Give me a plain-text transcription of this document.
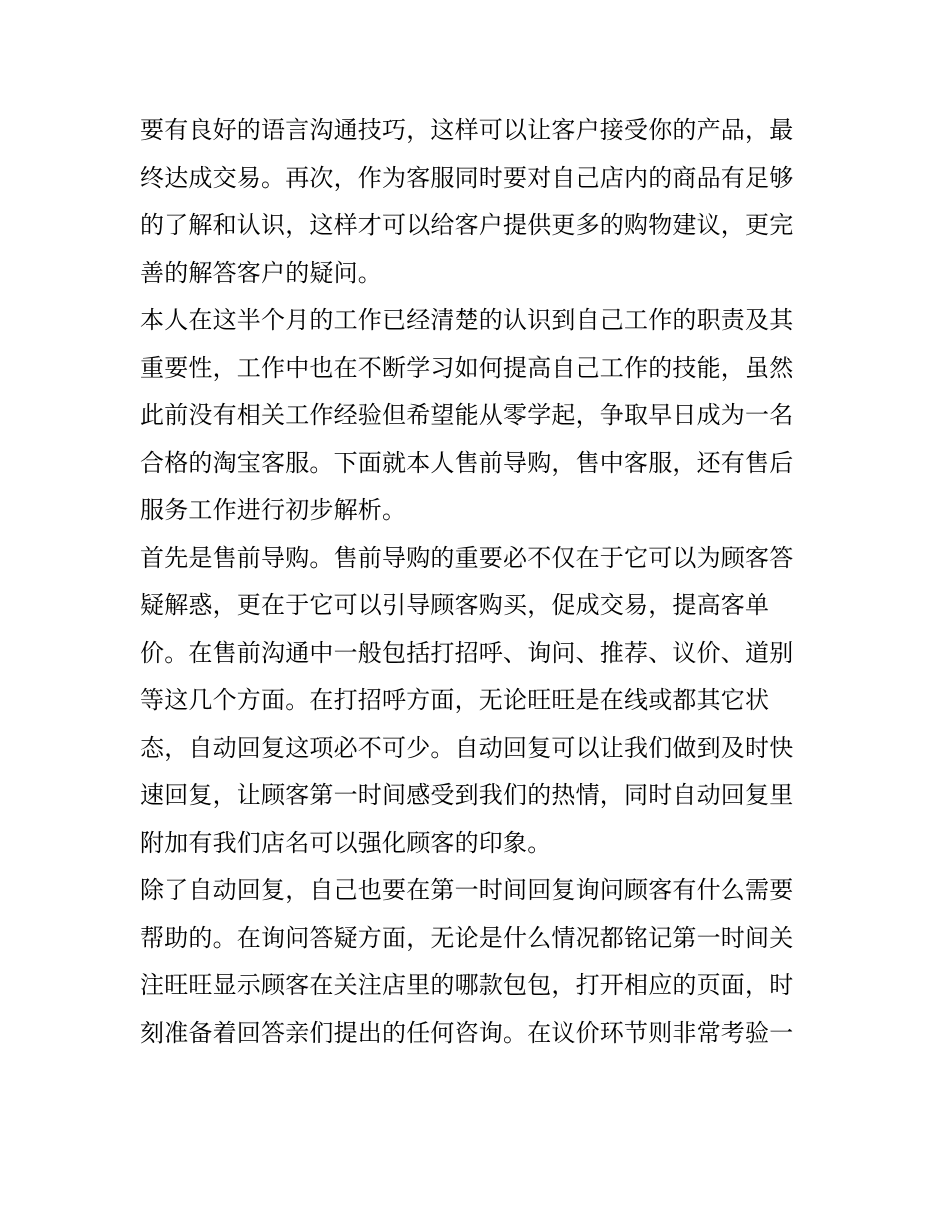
要有良好的语言沟通技巧，这样可以让客户接受你的产品，最
终达成交易。再次，作为客服同时要对自己店内的商品有足够
的了解和认识，这样才可以给客户提供更多的购物建议，更完
善的解答客户的疑问。
本人在这半个月的工作已经清楚的认识到自己工作的职责及其
重要性，工作中也在不断学习如何提高自己工作的技能，虽然
此前没有相关工作经验但希望能从零学起，争取早日成为一名
合格的淘宝客服。下面就本人售前导购，售中客服，还有售后
服务工作进行初步解析。
首先是售前导购。售前导购的重要必不仅在于它可以为顾客答
疑解惑，更在于它可以引导顾客购买，促成交易，提高客单
价。在售前沟通中一般包括打招呼、询问、推荐、议价、道别
等这几个方面。在打招呼方面，无论旺旺是在线或都其它状
态，自动回复这项必不可少。自动回复可以让我们做到及时快
速回复，让顾客第一时间感受到我们的热情，同时自动回复里
附加有我们店名可以强化顾客的印象。
除了自动回复，自己也要在第一时间回复询问顾客有什么需要
帮助的。在询问答疑方面，无论是什么情况都铭记第一时间关
注旺旺显示顾客在关注店里的哪款包包，打开相应的页面，时
刻准备着回答亲们提出的任何咨询。在议价环节则非常考验一
